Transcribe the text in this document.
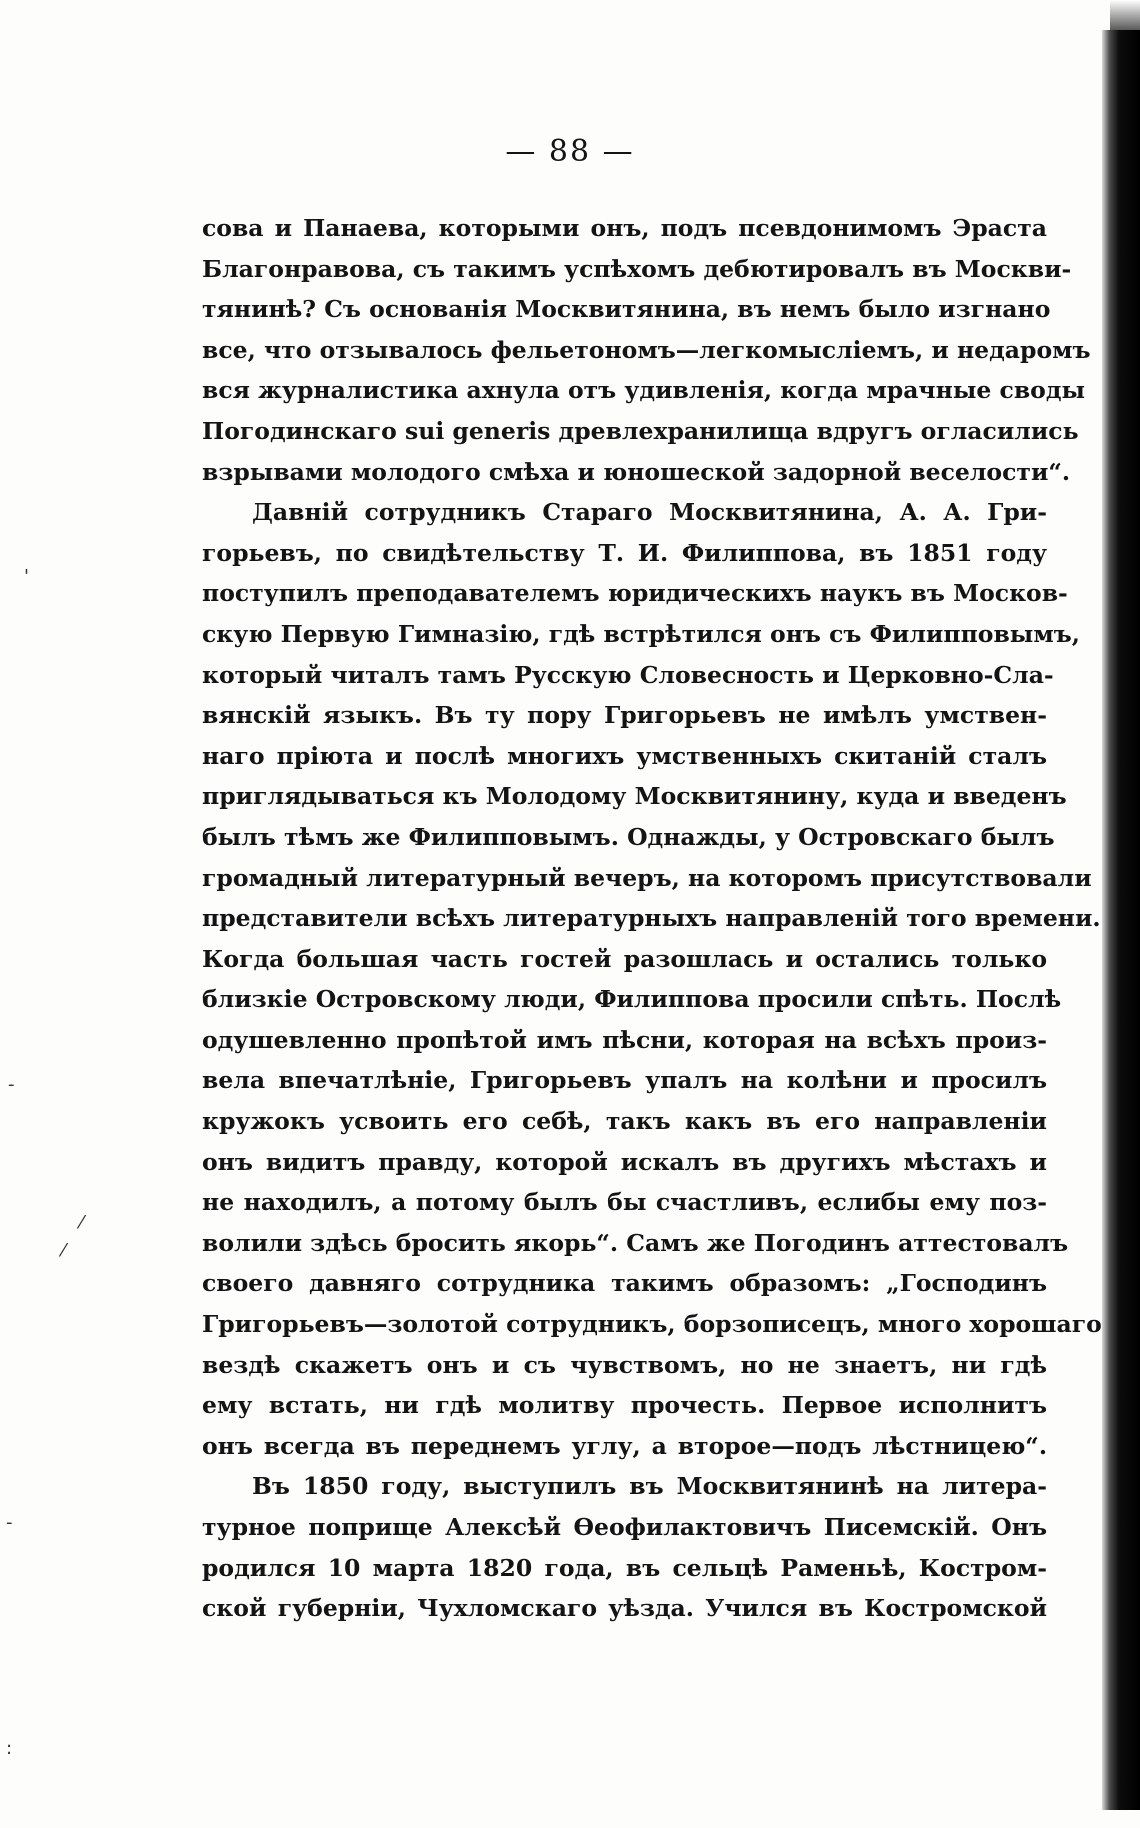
'
-
⁄
⁄
-
:
— 88 —
сова и Панаева, которыми онъ, подъ псевдонимомъ Эраста
Благонравова, съ такимъ успѣхомъ дебютировалъ въ Москви-
тянинѣ? Съ основанія Москвитянина, въ немъ было изгнано
все, что отзывалось фельетономъ—легкомысліемъ, и недаромъ
вся журналистика ахнула отъ удивленія, когда мрачные своды
Погодинскаго sui generis древлехранилища вдругъ огласились
взрывами молодого смѣха и юношеской задорной веселости“.
Давній сотрудникъ Стараго Москвитянина, А. А. Гри-
горьевъ, по свидѣтельству Т. И. Филиппова, въ 1851 году
поступилъ преподавателемъ юридическихъ наукъ въ Москов-
скую Первую Гимназію, гдѣ встрѣтился онъ съ Филипповымъ,
который читалъ тамъ Русскую Словесность и Церковно-Сла-
вянскій языкъ. Въ ту пору Григорьевъ не имѣлъ умствен-
наго пріюта и послѣ многихъ умственныхъ скитаній сталъ
приглядываться къ Молодому Москвитянину, куда и введенъ
былъ тѣмъ же Филипповымъ. Однажды, у Островскаго былъ
громадный литературный вечеръ, на которомъ присутствовали
представители всѣхъ литературныхъ направленій того времени.
Когда большая часть гостей разошлась и остались только
близкіе Островскому люди, Филиппова просили спѣть. Послѣ
одушевленно пропѣтой имъ пѣсни, которая на всѣхъ произ-
вела впечатлѣніе, Григорьевъ упалъ на колѣни и просилъ
кружокъ усвоить его себѣ, такъ какъ въ его направленіи
онъ видитъ правду, которой искалъ въ другихъ мѣстахъ и
не находилъ, а потому былъ бы счастливъ, еслибы ему поз-
волили здѣсь бросить якорь“. Самъ же Погодинъ аттестовалъ
своего давняго сотрудника такимъ образомъ: „Господинъ
Григорьевъ—золотой сотрудникъ, борзописецъ, много хорошаго
вездѣ скажетъ онъ и съ чувствомъ, но не знаетъ, ни гдѣ
ему встать, ни гдѣ молитву прочесть. Первое исполнитъ
онъ всегда въ переднемъ углу, а второе—подъ лѣстницею“.
Въ 1850 году, выступилъ въ Москвитянинѣ на литера-
турное поприще Алексѣй Ѳеофилактовичъ Писемскій. Онъ
родился 10 марта 1820 года, въ сельцѣ Раменьѣ, Костром-
ской губерніи, Чухломскаго уѣзда. Учился въ Костромской
